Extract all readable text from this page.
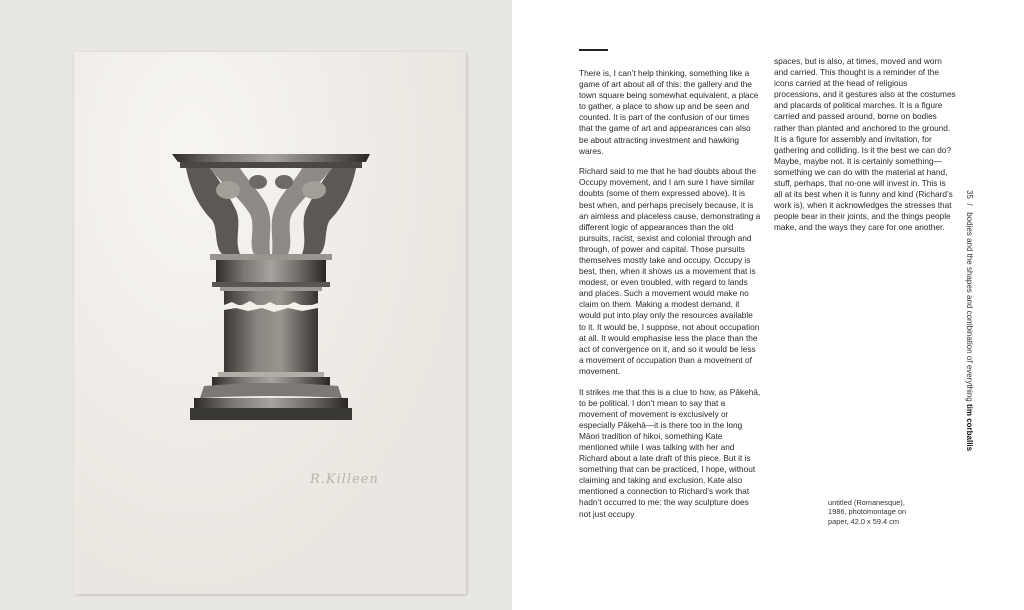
R.Killeen

There is, I can’t help thinking, something like a game of art about all of this: the gallery and the town square being somewhat equivalent, a place to gather, a place to show up and be seen and counted. It is part of the confusion of our times that the game of art and appearances can also be about attracting investment and hawking wares.

Richard said to me that he had doubts about the Occupy movement, and I am sure I have similar doubts (some of them expressed above). It is best when, and perhaps precisely because, it is an aimless and placeless cause, demonstrating a different logic of appearances than the old pursuits, racist, sexist and colonial through and through, of power and capital. Those pursuits themselves mostly take and occupy. Occupy is best, then, when it shows us a movement that is modest, or even troubled, with regard to lands and places. Such a movement would make no claim on them. Making a modest demand, it would put into play only the resources available to it. It would be, I suppose, not about occupation at all. It would emphasise less the place than the act of convergence on it, and so it would be less a movement of occupation than a movement of movement.

It strikes me that this is a clue to how, as Pākehā, to be political. I don’t mean to say that a movement of movement is exclusively or especially Pākehā—it is there too in the long Māori tradition of hikoi, something Kate mentioned while I was talking with her and Richard about a late draft of this piece. But it is something that can be practiced, I hope, without claiming and taking and exclusion. Kate also mentioned a connection to Richard’s work that hadn’t occurred to me: the way sculpture does not just occupy

spaces, but is also, at times, moved and worn and carried. This thought is a reminder of the icons carried at the head of religious processions, and it gestures also at the costumes and placards of political marches. It is a figure carried and passed around, borne on bodies rather than planted and anchored to the ground. It is a figure for assembly and invitation, for gathering and colliding. Is it the best we can do? Maybe, maybe not. It is certainly something—something we can do with the material at hand, stuff, perhaps, that no-one will invest in. This is all at its best when it is funny and kind (Richard’s work is), when it acknowledges the stresses that people bear in their joints, and the things people make, and the ways they care for one another.

untitled (Romanesque),
1986, photomontage on paper, 42.0 x 59.4 cm
35  /   bodies and the shapes and combination of everything tim corballis
